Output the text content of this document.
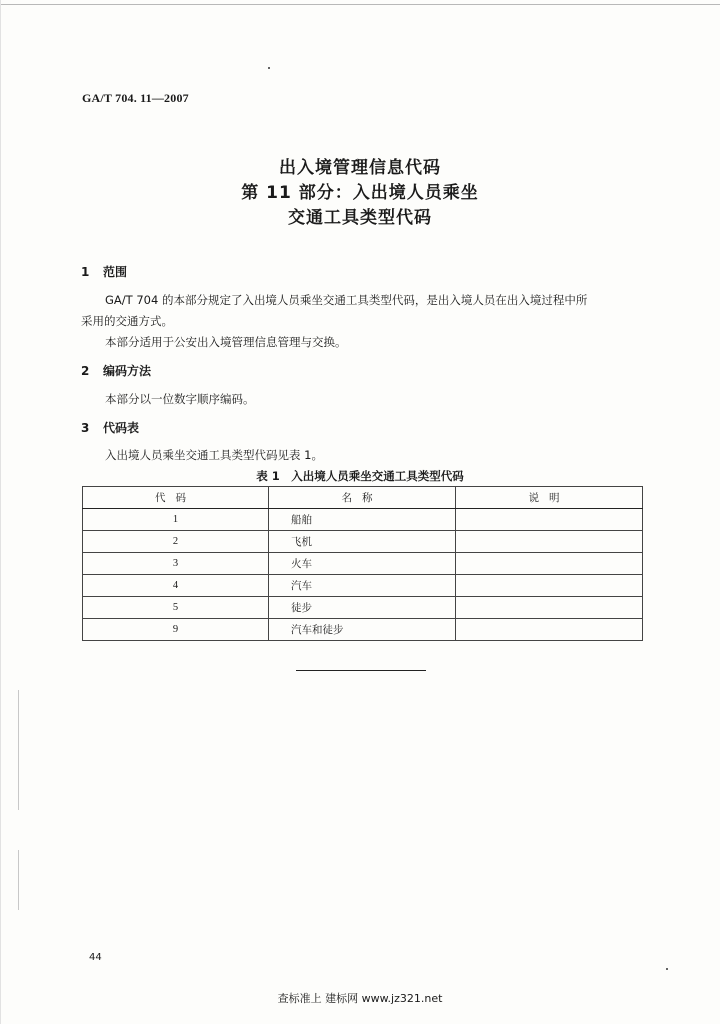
GA/T 704. 11—2007
出入境管理信息代码
第 11 部分：入出境人员乘坐
交通工具类型代码
1 范围
GA/T 704 的本部分规定了入出境人员乘坐交通工具类型代码，是出入境人员在出入境过程中所
采用的交通方式。
本部分适用于公安出入境管理信息管理与交换。
2 编码方法
本部分以一位数字顺序编码。
3 代码表
入出境人员乘坐交通工具类型代码见表 1。
表 1　入出境人员乘坐交通工具类型代码
代码	名称	说明
1	船舶	
2	飞机	
3	火车	
4	汽车	
5	徒步	
9	汽车和徒步	
44
查标准上 建标网 www.jz321.net
